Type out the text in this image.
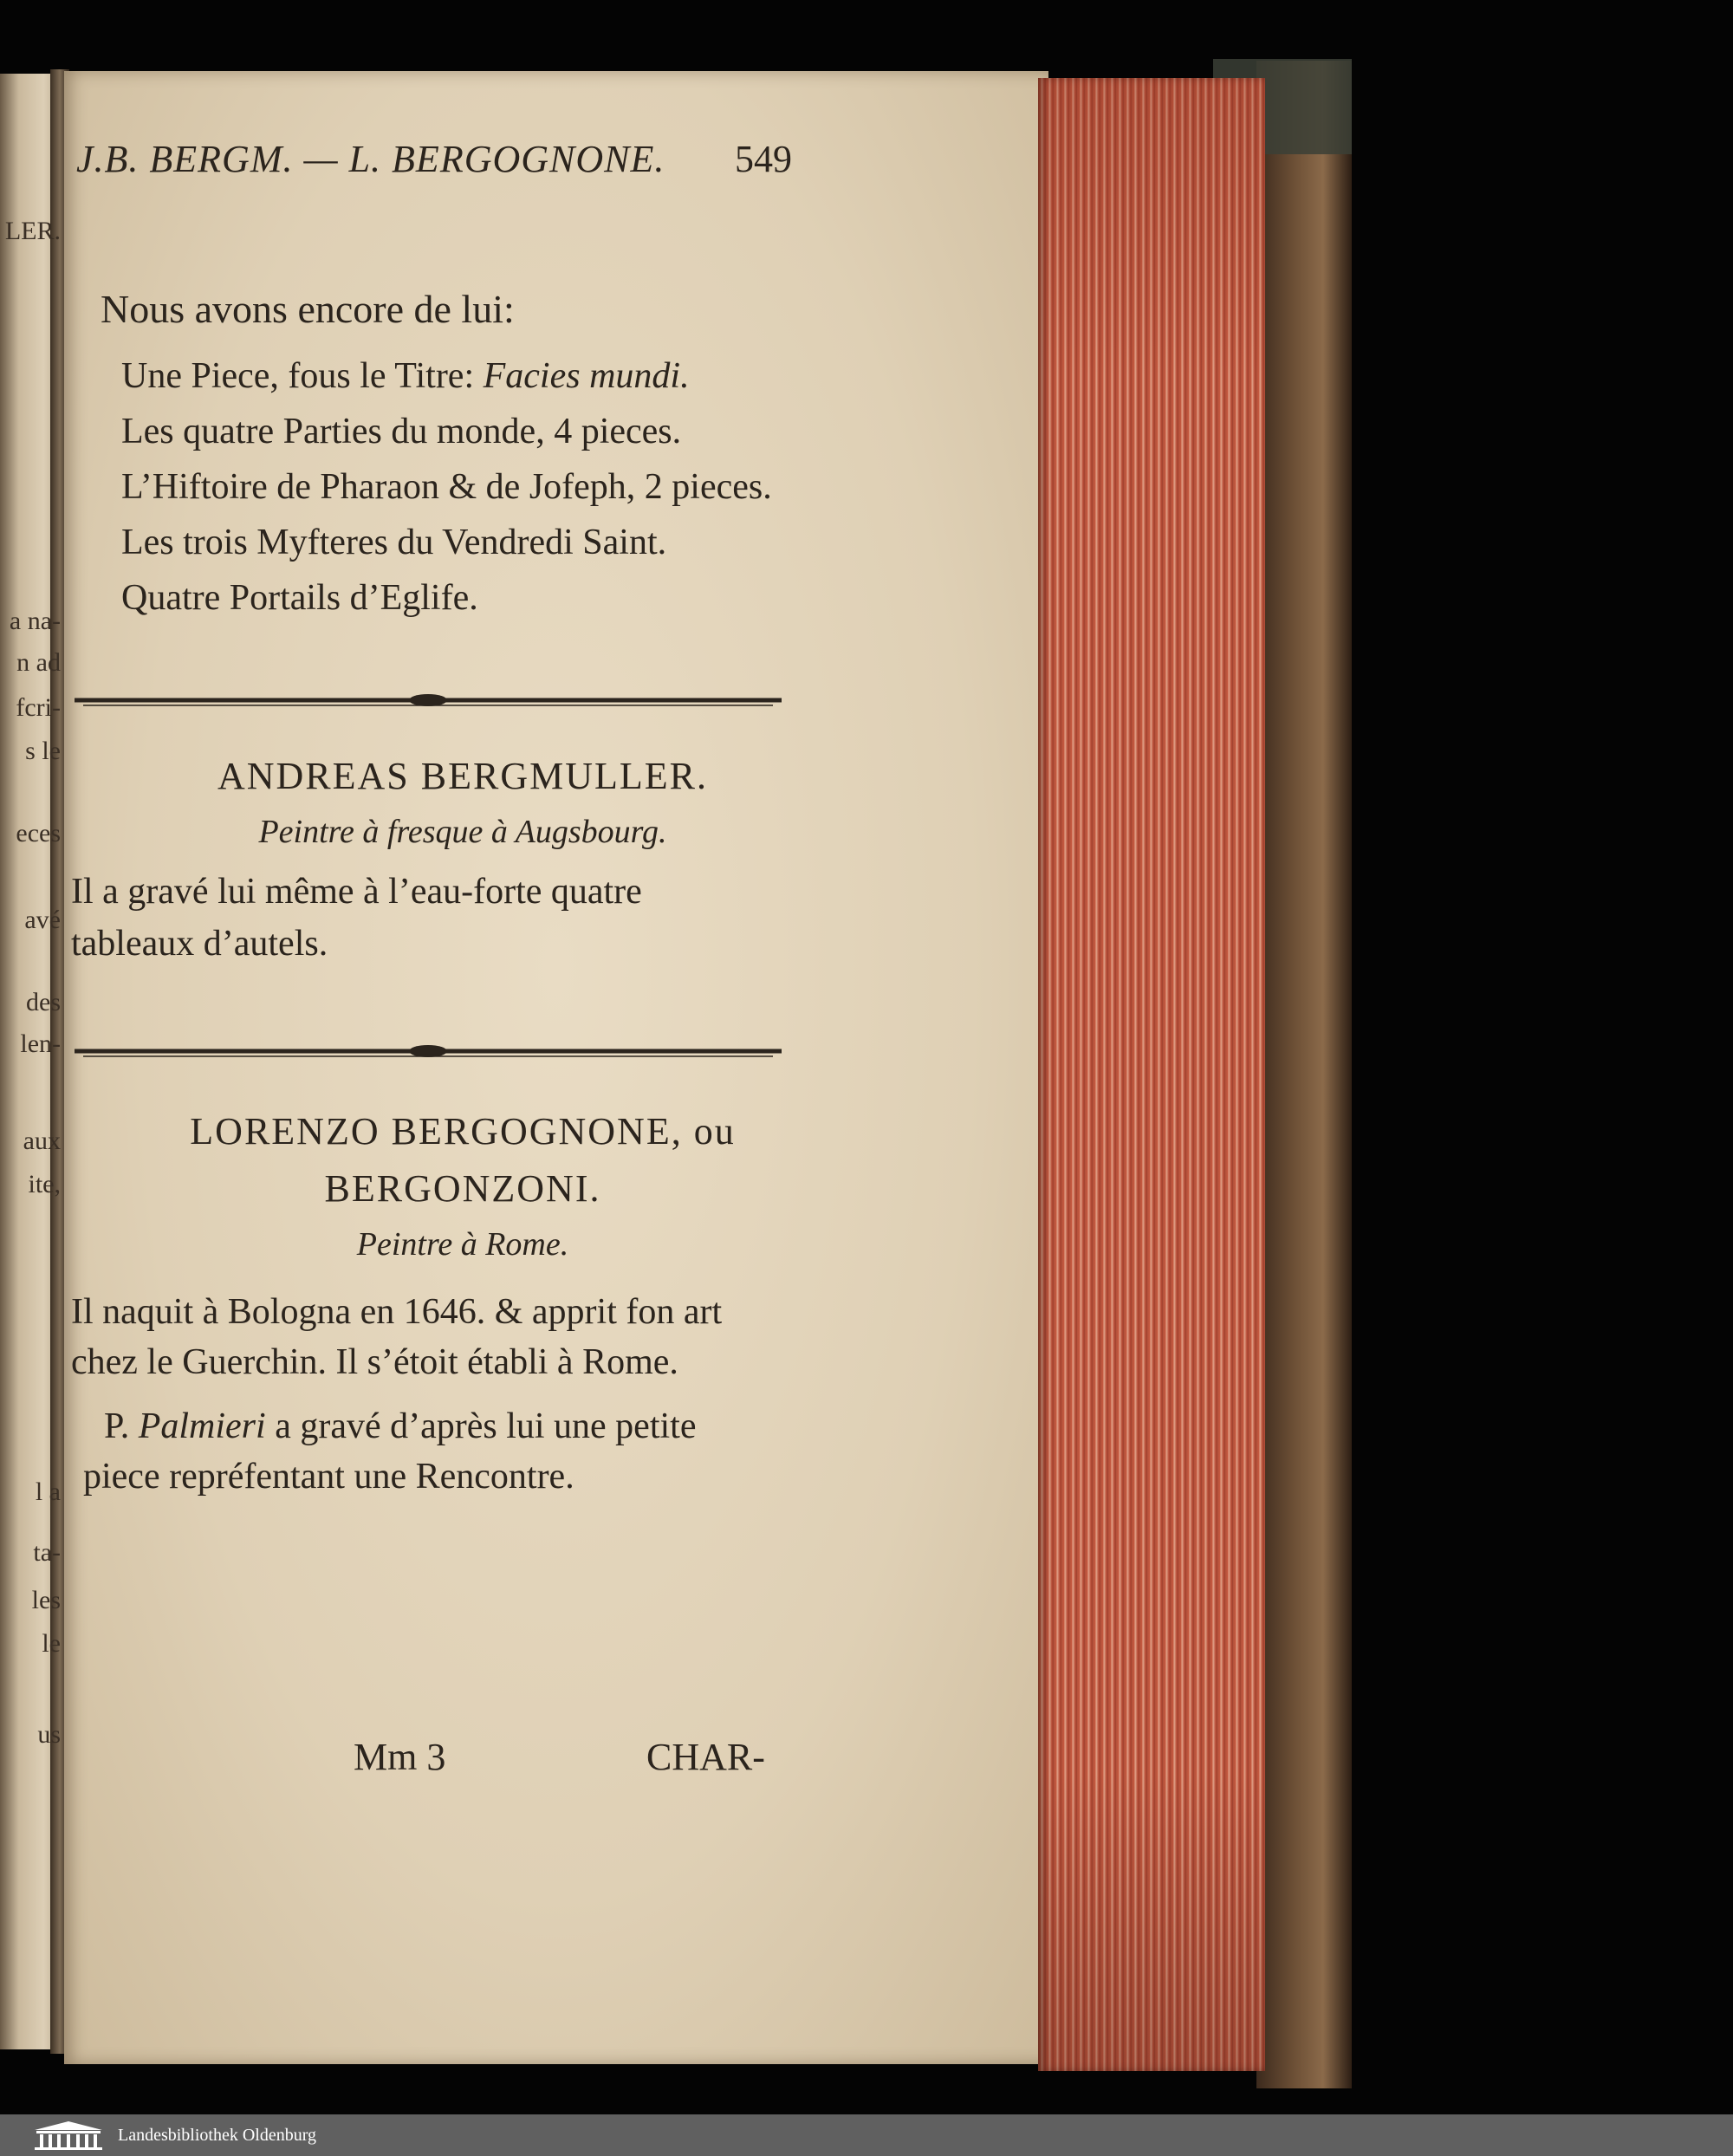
LER.
a na-
n ad
fcri-
s le
eces
avé
des
len-
aux
ite,
l a
ta-
les
le
us
J.B. BERGM. — L. BERGOGNONE. 549
Nous avons encore de lui:
Une Piece, fous le Titre: Facies mundi.
Les quatre Parties du monde, 4 pieces.
L’Hiftoire de Pharaon & de Jofeph, 2 pieces.
Les trois Myfteres du Vendredi Saint.
Quatre Portails d’Eglife.
ANDREAS BERGMULLER.
Peintre à fresque à Augsbourg.
LORENZO BERGOGNONE, ou
BERGONZONI.
Peintre à Rome.
Il a gravé lui même à l’eau-forte quatre
tableaux d’autels.
Il naquit à Bologna en 1646. & apprit fon art
chez le Guerchin. Il s’étoit établi à Rome.
P. Palmieri a gravé d’après lui une petite
piece repréfentant une Rencontre.
Mm 3	CHAR-
Landesbibliothek Oldenburg
